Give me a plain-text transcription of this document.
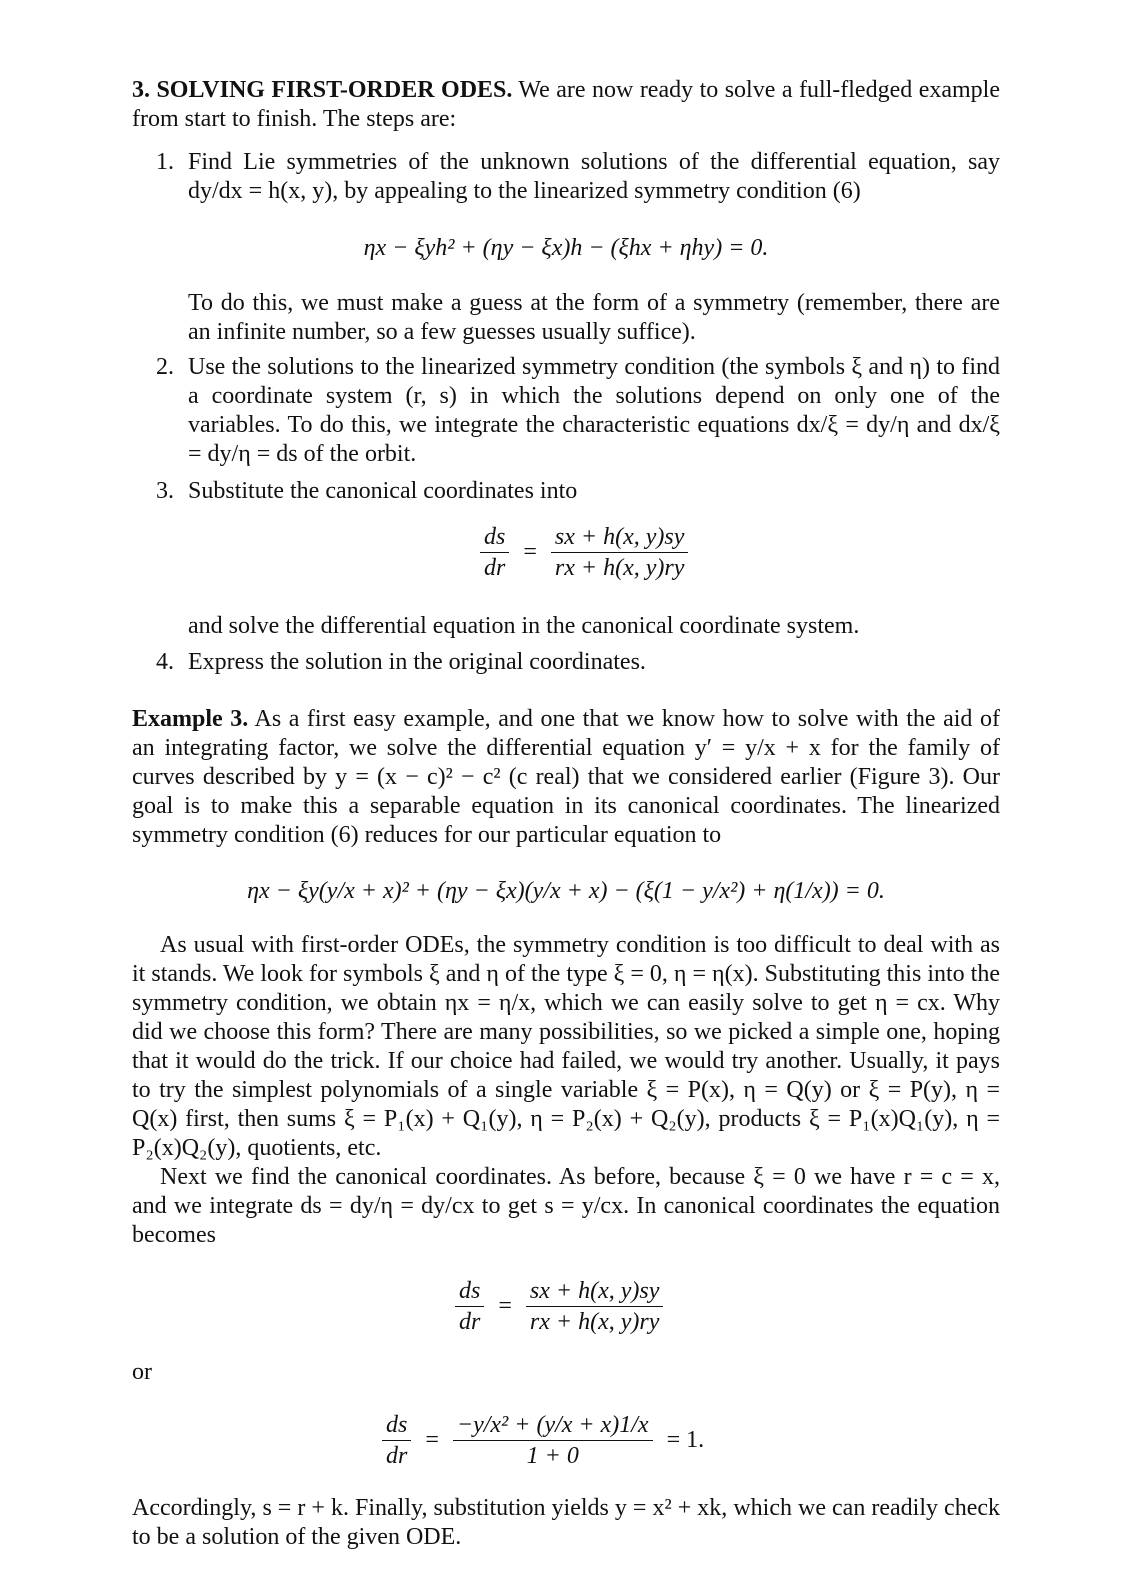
3. SOLVING FIRST-ORDER ODES. We are now ready to solve a full-fledged example from start to finish. The steps are:

1. Find Lie symmetries of the unknown solutions of the differential equation, say dy/dx = h(x, y), by appealing to the linearized symmetry condition (6)

ηx − ξyh² + (ηy − ξx)h − (ξhx + ηhy) = 0.

To do this, we must make a guess at the form of a symmetry (remember, there are an infinite number, so a few guesses usually suffice).

2. Use the solutions to the linearized symmetry condition (the symbols ξ and η) to find a coordinate system (r, s) in which the solutions depend on only one of the variables. To do this, we integrate the characteristic equations dx/ξ = dy/η and dx/ξ = dy/η = ds of the orbit.

3. Substitute the canonical coordinates into

$\frac{ds}{dr} = \frac{sx + h(x, y)sy}{rx + h(x, y)ry}$

and solve the differential equation in the canonical coordinate system.

4. Express the solution in the original coordinates.

Example 3. As a first easy example, and one that we know how to solve with the aid of an integrating factor, we solve the differential equation y′ = y/x + x for the family of curves described by y = (x − c)² − c² (c real) that we considered earlier (Figure 3). Our goal is to make this a separable equation in its canonical coordinates. The linearized symmetry condition (6) reduces for our particular equation to

ηx − ξy(y/x + x)² + (ηy − ξx)(y/x + x) − (ξ(1 − y/x²) + η(1/x)) = 0.

As usual with first-order ODEs, the symmetry condition is too difficult to deal with as it stands. We look for symbols ξ and η of the type ξ = 0, η = η(x). Substituting this into the symmetry condition, we obtain ηx = η/x, which we can easily solve to get η = cx. Why did we choose this form? There are many possibilities, so we picked a simple one, hoping that it would do the trick. If our choice had failed, we would try another. Usually, it pays to try the simplest polynomials of a single variable ξ = P(x), η = Q(y) or ξ = P(y), η = Q(x) first, then sums ξ = P₁(x) + Q₁(y), η = P₂(x) + Q₂(y), products ξ = P₁(x)Q₁(y), η = P₂(x)Q₂(y), quotients, etc.

Next we find the canonical coordinates. As before, because ξ = 0 we have r = c = x, and we integrate ds = dy/η = dy/cx to get s = y/cx. In canonical coordinates the equation becomes

$\frac{ds}{dr} = \frac{sx + h(x, y)sy}{rx + h(x, y)ry}$
or
$\frac{ds}{dr} = \frac{\text{−y/x² + (y/x + x)1/x}}{1 + 0} = 1$.

Accordingly, s = r + k. Finally, substitution yields y = x² + xk, which we can readily check to be a solution of the given ODE.
